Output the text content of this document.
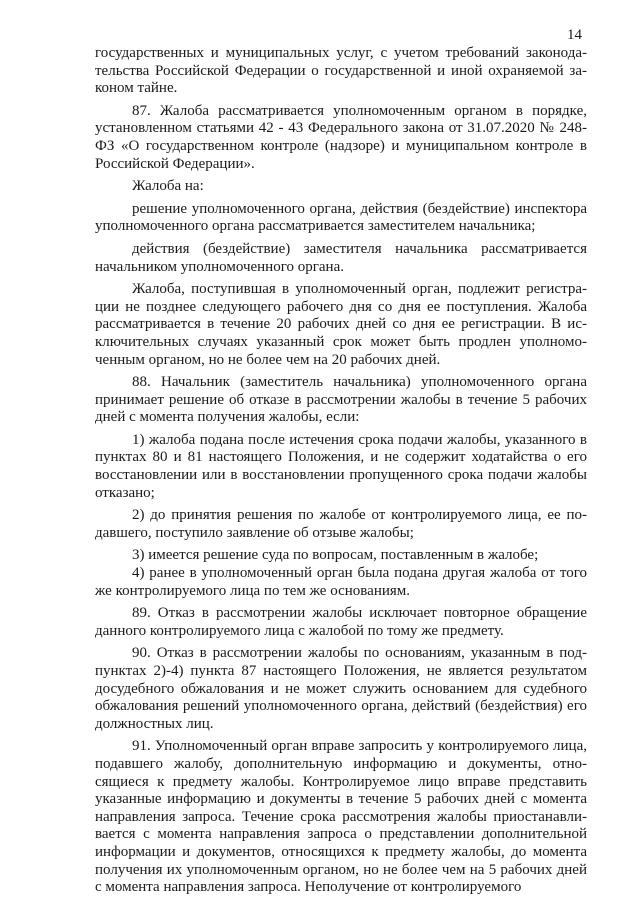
14

государственных и муниципальных услуг, с учетом требований законодательства Российской Федерации о государственной и иной охраняемой законом тайне.

87. Жалоба рассматривается уполномоченным органом в порядке, установленном статьями 42 - 43 Федерального закона от 31.07.2020 № 248-ФЗ «О государственном контроле (надзоре) и муниципальном контроле в Российской Федерации».

Жалоба на:

решение уполномоченного органа, действия (бездействие) инспектора уполномоченного органа рассматривается заместителем начальника;

действия (бездействие) заместителя начальника рассматривается начальником уполномоченного органа.

Жалоба, поступившая в уполномоченный орган, подлежит регистрации не позднее следующего рабочего дня со дня ее поступления. Жалоба рассматривается в течение 20 рабочих дней со дня ее регистрации. В исключительных случаях указанный срок может быть продлен уполномоченным органом, но не более чем на 20 рабочих дней.

88. Начальник (заместитель начальника) уполномоченного органа принимает решение об отказе в рассмотрении жалобы в течение 5 рабочих дней с момента получения жалобы, если:

1) жалоба подана после истечения срока подачи жалобы, указанного в пунктах 80 и 81 настоящего Положения, и не содержит ходатайства о его восстановлении или в восстановлении пропущенного срока подачи жалобы отказано;

2) до принятия решения по жалобе от контролируемого лица, ее подавшего, поступило заявление об отзыве жалобы;

3) имеется решение суда по вопросам, поставленным в жалобе;

4) ранее в уполномоченный орган была подана другая жалоба от того же контролируемого лица по тем же основаниям.

89. Отказ в рассмотрении жалобы исключает повторное обращение данного контролируемого лица с жалобой по тому же предмету.

90. Отказ в рассмотрении жалобы по основаниям, указанным в подпунктах 2)-4) пункта 87 настоящего Положения, не является результатом досудебного обжалования и не может служить основанием для судебного обжалования решений уполномоченного органа, действий (бездействия) его должностных лиц.

91. Уполномоченный орган вправе запросить у контролируемого лица, подавшего жалобу, дополнительную информацию и документы, относящиеся к предмету жалобы. Контролируемое лицо вправе представить указанные информацию и документы в течение 5 рабочих дней с момента направления запроса. Течение срока рассмотрения жалобы приостанавливается с момента направления запроса о представлении дополнительной информации и документов, относящихся к предмету жалобы, до момента получения их уполномоченным органом, но не более чем на 5 рабочих дней с момента направления запроса. Неполучение от контролируемого
